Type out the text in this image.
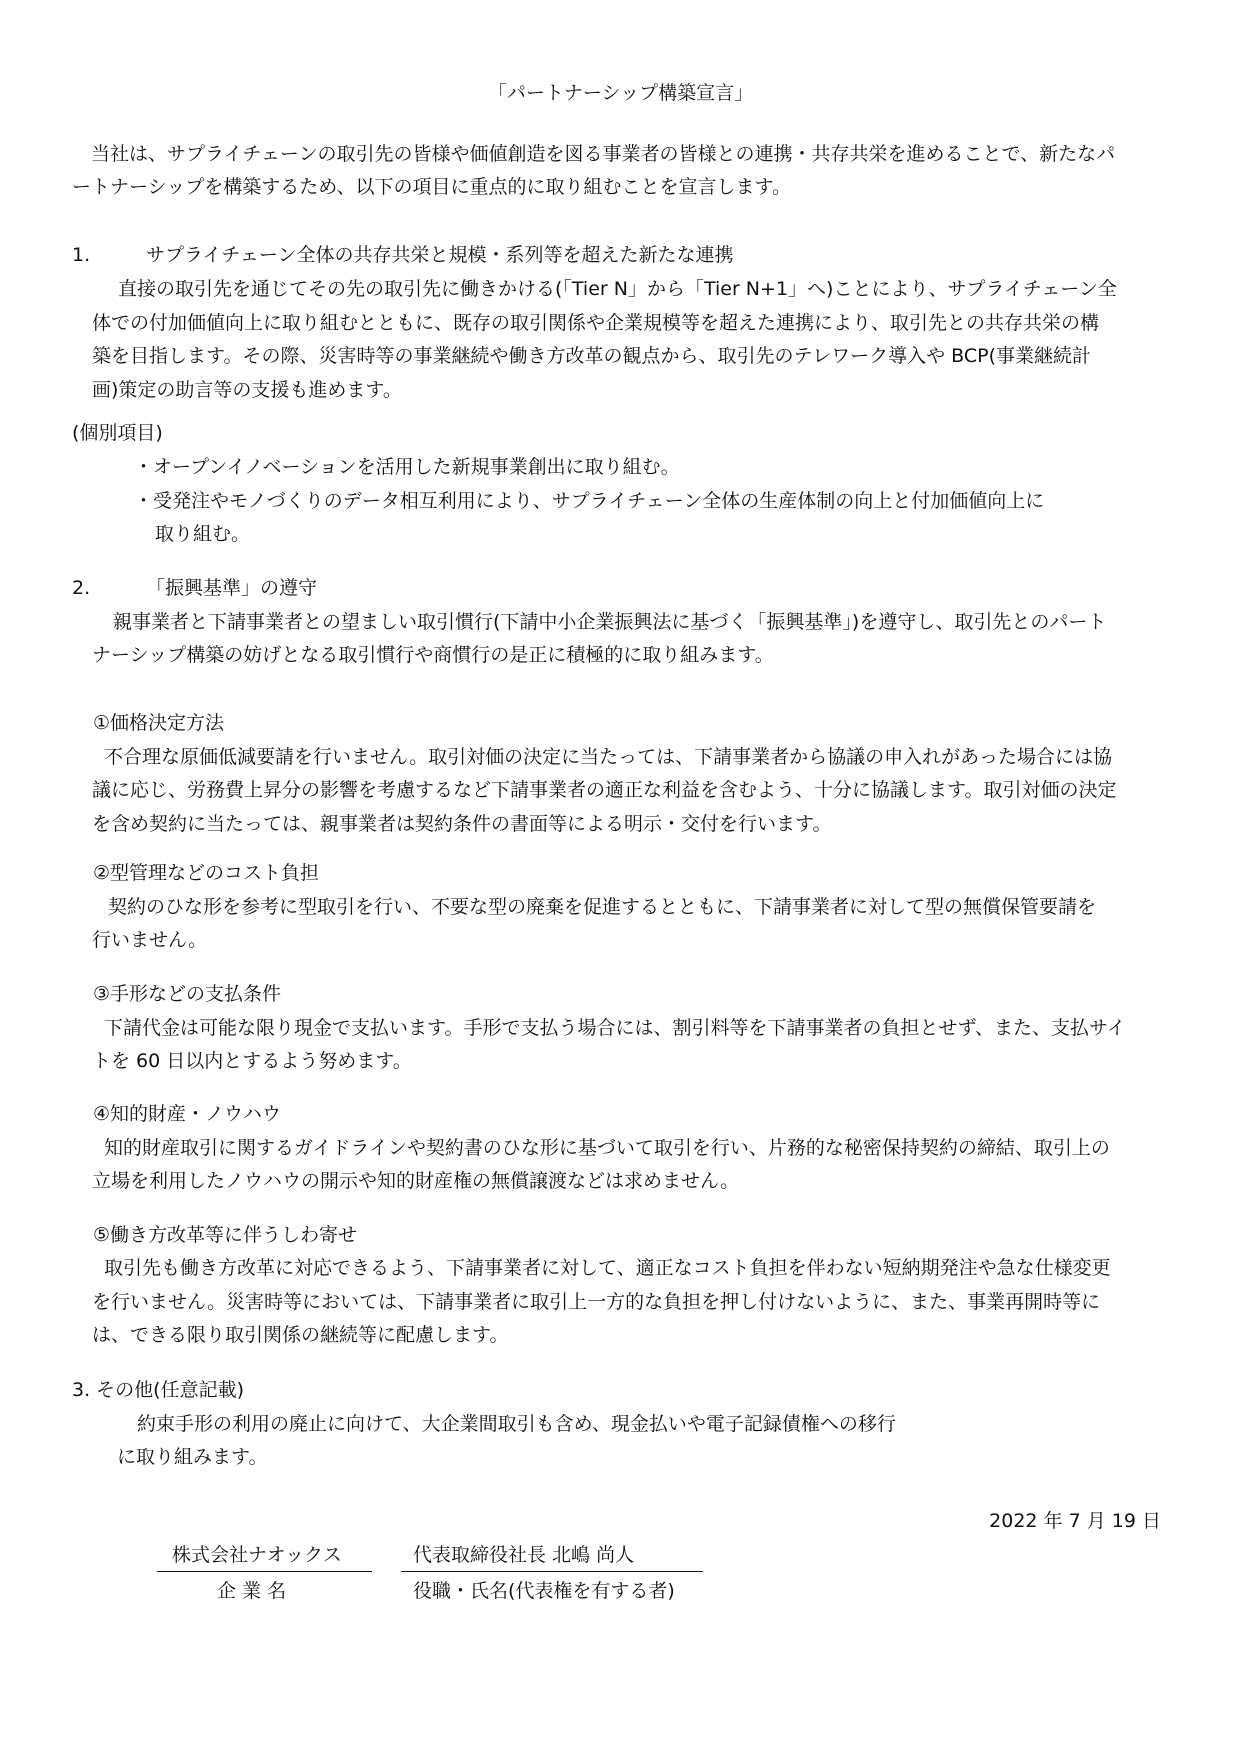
「パートナーシップ構築宣言」
当社は、サプライチェーンの取引先の皆様や価値創造を図る事業者の皆様との連携・共存共栄を進めることで、新たなパ
ートナーシップを構築するため、以下の項目に重点的に取り組むことを宣言します。
1.	サプライチェーン全体の共存共栄と規模・系列等を超えた新たな連携
直接の取引先を通じてその先の取引先に働きかける(「Tier N」から「Tier N+1」へ)ことにより、サプライチェーン全
体での付加価値向上に取り組むとともに、既存の取引関係や企業規模等を超えた連携により、取引先との共存共栄の構
築を目指します。その際、災害時等の事業継続や働き方改革の観点から、取引先のテレワーク導入や BCP(事業継続計
画)策定の助言等の支援も進めます。
(個別項目)
・オープンイノベーションを活用した新規事業創出に取り組む。
・受発注やモノづくりのデータ相互利用により、サプライチェーン全体の生産体制の向上と付加価値向上に
取り組む。
2.	「振興基準」の遵守
親事業者と下請事業者との望ましい取引慣行(下請中小企業振興法に基づく「振興基準」)を遵守し、取引先とのパート
ナーシップ構築の妨げとなる取引慣行や商慣行の是正に積極的に取り組みます。
①価格決定方法
不合理な原価低減要請を行いません。取引対価の決定に当たっては、下請事業者から協議の申入れがあった場合には協
議に応じ、労務費上昇分の影響を考慮するなど下請事業者の適正な利益を含むよう、十分に協議します。取引対価の決定
を含め契約に当たっては、親事業者は契約条件の書面等による明示・交付を行います。
②型管理などのコスト負担
契約のひな形を参考に型取引を行い、不要な型の廃棄を促進するとともに、下請事業者に対して型の無償保管要請を
行いません。
③手形などの支払条件
下請代金は可能な限り現金で支払います。手形で支払う場合には、割引料等を下請事業者の負担とせず、また、支払サイ
トを 60 日以内とするよう努めます。
④知的財産・ノウハウ
知的財産取引に関するガイドラインや契約書のひな形に基づいて取引を行い、片務的な秘密保持契約の締結、取引上の
立場を利用したノウハウの開示や知的財産権の無償譲渡などは求めません。
⑤働き方改革等に伴うしわ寄せ
取引先も働き方改革に対応できるよう、下請事業者に対して、適正なコスト負担を伴わない短納期発注や急な仕様変更
を行いません。災害時等においては、下請事業者に取引上一方的な負担を押し付けないように、また、事業再開時等に
は、できる限り取引関係の継続等に配慮します。
3. その他(任意記載)
約束手形の利用の廃止に向けて、大企業間取引も含め、現金払いや電子記録債権への移行
に取り組みます。
2022 年 7 月 19 日
株式会社ナオックス	代表取締役社長 北嶋 尚人
企 業 名	役職・氏名(代表権を有する者)
